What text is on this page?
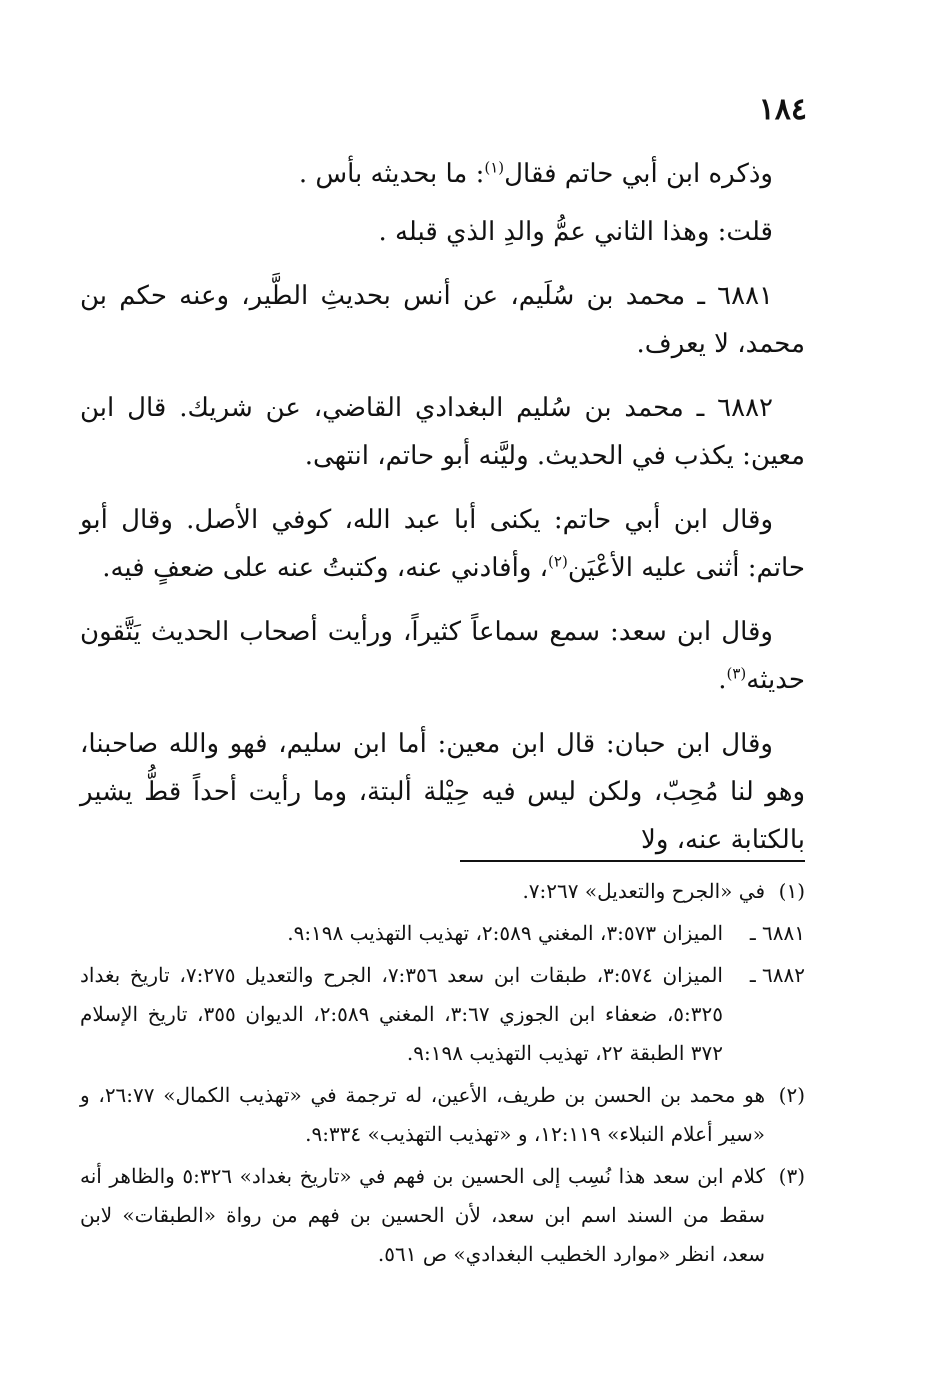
١٨٤

وذكره ابن أبي حاتم فقال$^{(١)}$: ما بحديثه بأس .

قلت: وهذا الثاني عمُّ والدِ الذي قبله .

٦٨٨١ ـ محمد بن سُلَيم، عن أنس بحديثِ الطَّير، وعنه حكم بن محمد، لا يعرف.

٦٨٨٢ ـ محمد بن سُليم البغدادي القاضي، عن شريك. قال ابن معين: يكذب في الحديث. وليَّنه أبو حاتم، انتهى.

وقال ابن أبي حاتم: يكنى أبا عبد الله، كوفي الأصل. وقال أبو حاتم: أثنى عليه الأعْيَن$^{(٢)}$، وأفادني عنه، وكتبتُ عنه على ضعفٍ فيه.

وقال ابن سعد: سمع سماعاً كثيراً، ورأيت أصحاب الحديث يَتَّقون حديثه$^{(٣)}$.

وقال ابن حبان: قال ابن معين: أما ابن سليم، فهو والله صاحبنا، وهو لنا مُحِبّ، ولكن ليس فيه حِيْلة ألبتة، وما رأيت أحداً قطُّ يشير بالكتابة عنه، ولا

(١)
في «الجرح والتعديل» ٧:٢٦٧.
٦٨٨١ ـ
الميزان ٣:٥٧٣، المغني ٢:٥٨٩، تهذيب التهذيب ٩:١٩٨.
٦٨٨٢ ـ
الميزان ٣:٥٧٤، طبقات ابن سعد ٧:٣٥٦، الجرح والتعديل ٧:٢٧٥، تاريخ بغداد ٥:٣٢٥، ضعفاء ابن الجوزي ٣:٦٧، المغني ٢:٥٨٩، الديوان ٣٥٥، تاريخ الإسلام ٣٧٢ الطبقة ٢٢، تهذيب التهذيب ٩:١٩٨.
(٢)
هو محمد بن الحسن بن طريف، الأعين، له ترجمة في «تهذيب الكمال» ٢٦:٧٧، و «سير أعلام النبلاء» ١٢:١١٩، و «تهذيب التهذيب» ٩:٣٣٤.
(٣)
كلام ابن سعد هذا نُسِب إلى الحسين بن فهم في «تاريخ بغداد» ٥:٣٢٦ والظاهر أنه سقط من السند اسم ابن سعد، لأن الحسين بن فهم من رواة «الطبقات» لابن سعد، انظر «موارد الخطيب البغدادي» ص ٥٦١.
